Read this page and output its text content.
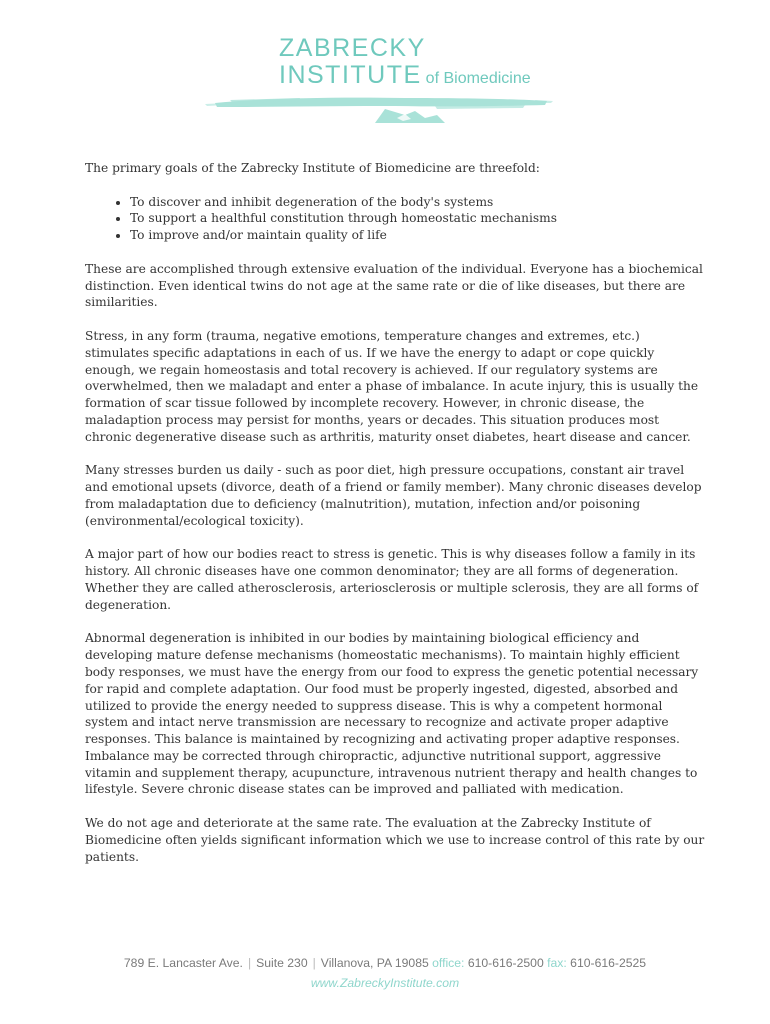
ZABRECKY
INSTITUTE of Biomedicine

The primary goals of the Zabrecky Institute of Biomedicine are threefold:

• To discover and inhibit degeneration of the body's systems
• To support a healthful constitution through homeostatic mechanisms
• To improve and/or maintain quality of life

These are accomplished through extensive evaluation of the individual. Everyone has a biochemical distinction. Even identical twins do not age at the same rate or die of like diseases, but there are similarities.

Stress, in any form (trauma, negative emotions, temperature changes and extremes, etc.) stimulates specific adaptations in each of us. If we have the energy to adapt or cope quickly enough, we regain homeostasis and total recovery is achieved. If our regulatory systems are overwhelmed, then we maladapt and enter a phase of imbalance. In acute injury, this is usually the formation of scar tissue followed by incomplete recovery. However, in chronic disease, the maladaption process may persist for months, years or decades. This situation produces most chronic degenerative disease such as arthritis, maturity onset diabetes, heart disease and cancer.

Many stresses burden us daily - such as poor diet, high pressure occupations, constant air travel and emotional upsets (divorce, death of a friend or family member). Many chronic diseases develop from maladaptation due to deficiency (malnutrition), mutation, infection and/or poisoning (environmental/ecological toxicity).

A major part of how our bodies react to stress is genetic. This is why diseases follow a family in its history. All chronic diseases have one common denominator; they are all forms of degeneration. Whether they are called atherosclerosis, arteriosclerosis or multiple sclerosis, they are all forms of degeneration.

Abnormal degeneration is inhibited in our bodies by maintaining biological efficiency and developing mature defense mechanisms (homeostatic mechanisms). To maintain highly efficient body responses, we must have the energy from our food to express the genetic potential necessary for rapid and complete adaptation. Our food must be properly ingested, digested, absorbed and utilized to provide the energy needed to suppress disease. This is why a competent hormonal system and intact nerve transmission are necessary to recognize and activate proper adaptive responses. This balance is maintained by recognizing and activating proper adaptive responses. Imbalance may be corrected through chiropractic, adjunctive nutritional support, aggressive vitamin and supplement therapy, acupuncture, intravenous nutrient therapy and health changes to lifestyle. Severe chronic disease states can be improved and palliated with medication.

We do not age and deteriorate at the same rate. The evaluation at the Zabrecky Institute of Biomedicine often yields significant information which we use to increase control of this rate by our patients.

789 E. Lancaster Ave. | Suite 230 | Villanova, PA 19085 office: 610-616-2500 fax: 610-616-2525
www.ZabreckyInstitute.com
